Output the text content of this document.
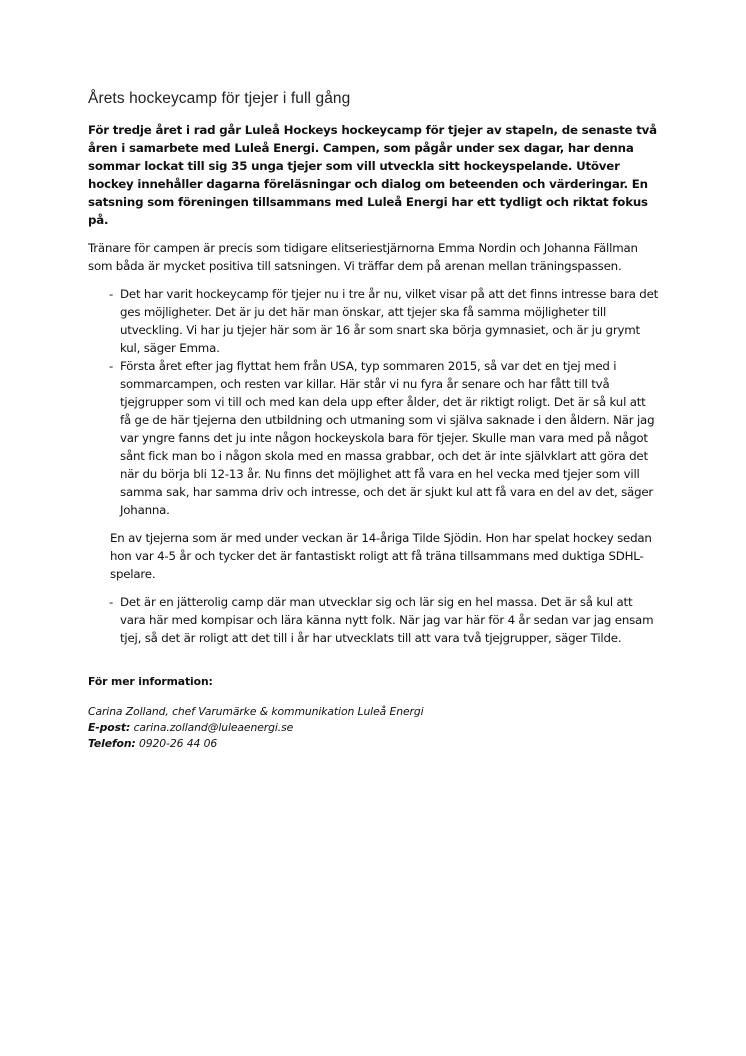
Årets hockeycamp för tjejer i full gång

För tredje året i rad går Luleå Hockeys hockeycamp för tjejer av stapeln, de senaste två åren i samarbete med Luleå Energi. Campen, som pågår under sex dagar, har denna sommar lockat till sig 35 unga tjejer som vill utveckla sitt hockeyspelande. Utöver hockey innehåller dagarna föreläsningar och dialog om beteenden och värderingar. En satsning som föreningen tillsammans med Luleå Energi har ett tydligt och riktat fokus på.

Tränare för campen är precis som tidigare elitseriestjärnorna Emma Nordin och Johanna Fällman som båda är mycket positiva till satsningen. Vi träffar dem på arenan mellan träningspassen.

- Det har varit hockeycamp för tjejer nu i tre år nu, vilket visar på att det finns intresse bara det ges möjligheter. Det är ju det här man önskar, att tjejer ska få samma möjligheter till utveckling. Vi har ju tjejer här som är 16 år som snart ska börja gymnasiet, och är ju grymt kul, säger Emma.
- Första året efter jag flyttat hem från USA, typ sommaren 2015, så var det en tjej med i sommarcampen, och resten var killar. Här står vi nu fyra år senare och har fått till två tjejgrupper som vi till och med kan dela upp efter ålder, det är riktigt roligt. Det är så kul att få ge de här tjejerna den utbildning och utmaning som vi själva saknade i den åldern. När jag var yngre fanns det ju inte någon hockeyskola bara för tjejer. Skulle man vara med på något sånt fick man bo i någon skola med en massa grabbar, och det är inte självklart att göra det när du börja bli 12-13 år. Nu finns det möjlighet att få vara en hel vecka med tjejer som vill samma sak, har samma driv och intresse, och det är sjukt kul att få vara en del av det, säger Johanna.

En av tjejerna som är med under veckan är 14-åriga Tilde Sjödin. Hon har spelat hockey sedan hon var 4-5 år och tycker det är fantastiskt roligt att få träna tillsammans med duktiga SDHL-spelare.

- Det är en jätterolig camp där man utvecklar sig och lär sig en hel massa. Det är så kul att vara här med kompisar och lära känna nytt folk. När jag var här för 4 år sedan var jag ensam tjej, så det är roligt att det till i år har utvecklats till att vara två tjejgrupper, säger Tilde.
För mer information:
Carina Zolland, chef Varumärke & kommunikation Luleå Energi
E-post: carina.zolland@luleaenergi.se
Telefon: 0920-26 44 06
